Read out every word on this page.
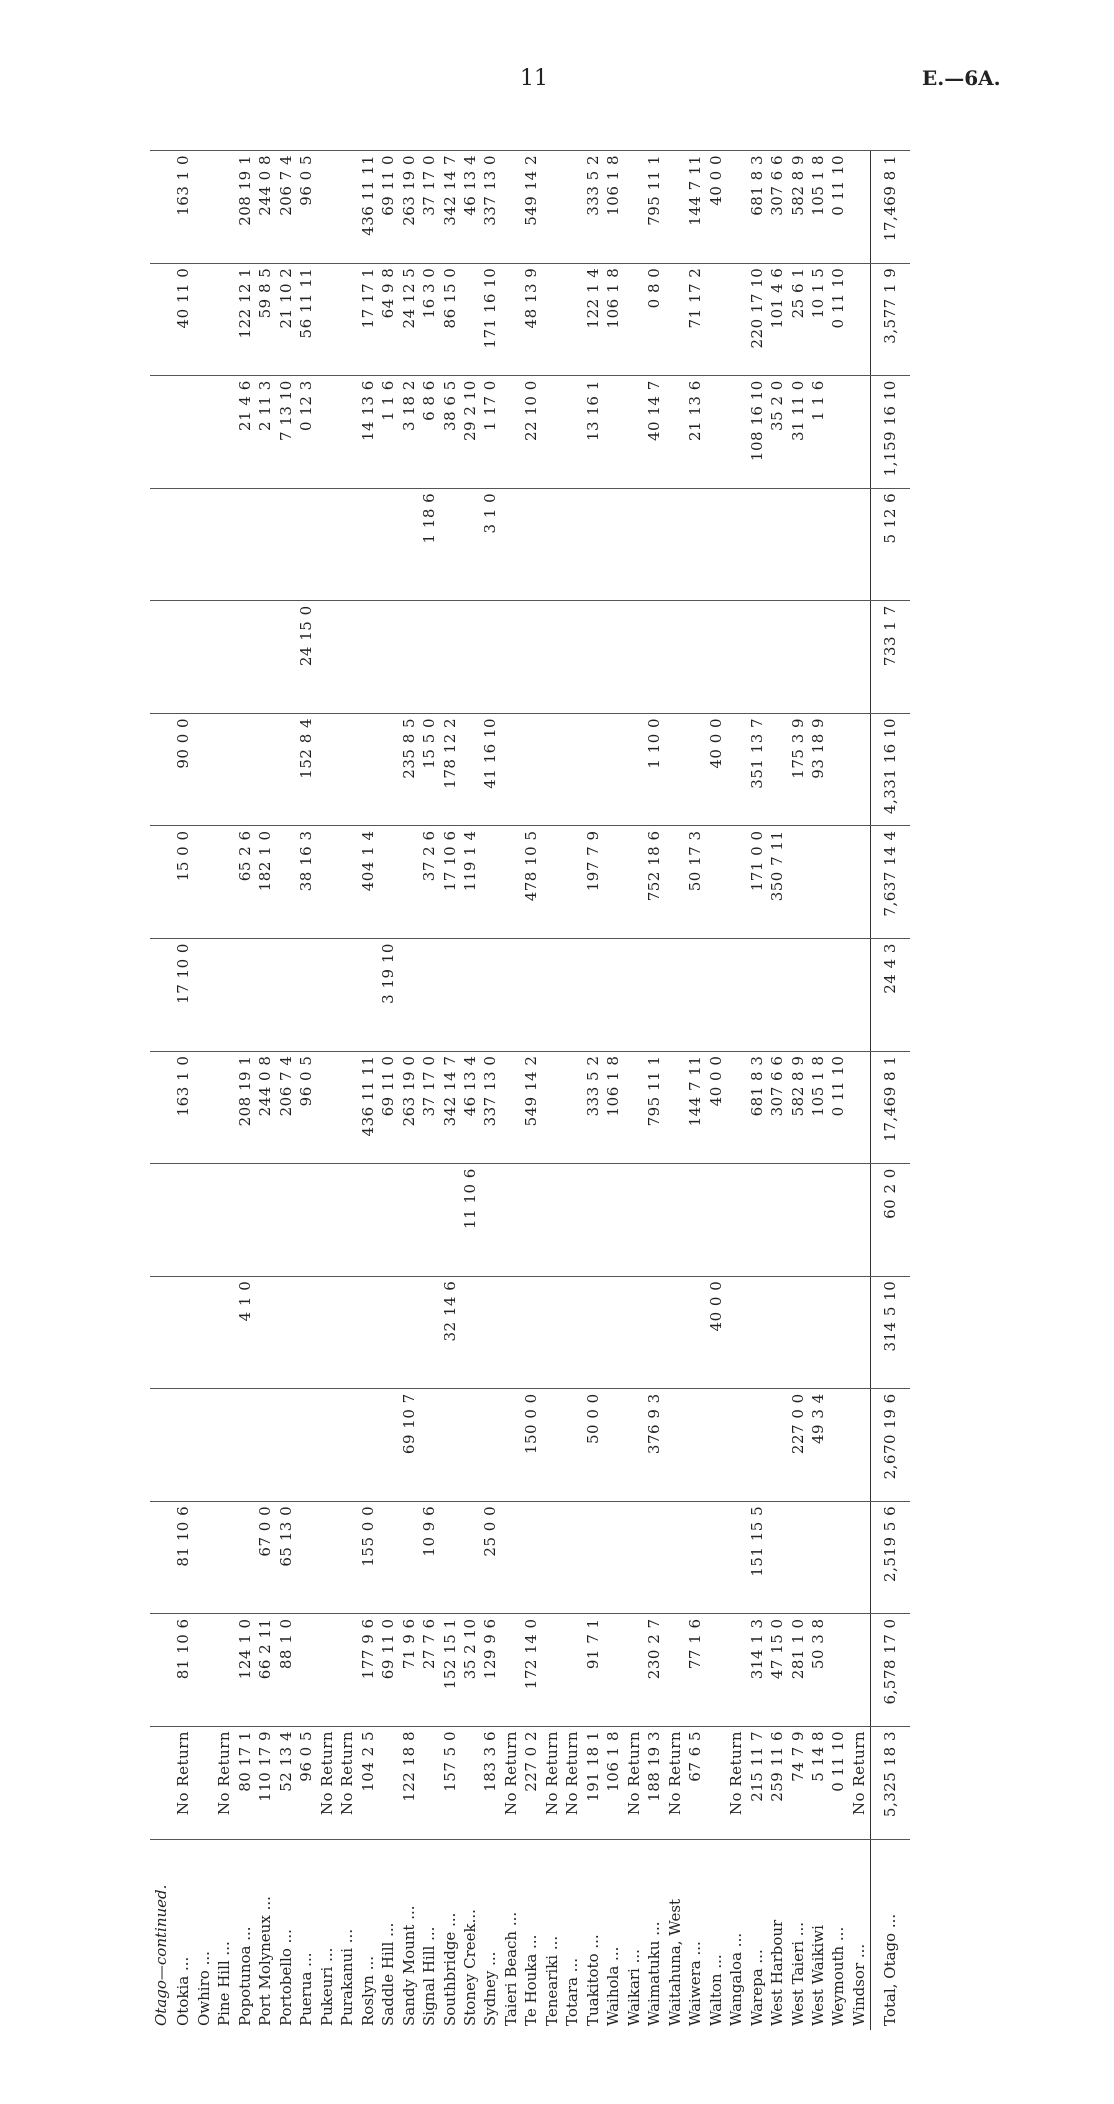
11	E.—6A.
Otago—continued.															
Otokia ...	No Return	81 10 6	81 10 6				163 1 0	17 10 0	15 0 0	90 0 0				40 11 0	163 1 0
Owhiro ...															
Pine Hill ...	No Return														
Popotunoa ...	80 17 1	124 1 0			4 1 0		208 19 1		65 2 6				21 4 6	122 12 1	208 19 1
Port Molyneux ...	110 17 9	66 2 11	67 0 0				244 0 8		182 1 0				2 11 3	59 8 5	244 0 8
Portobello ...	52 13 4	88 1 0	65 13 0				206 7 4						7 13 10	21 10 2	206 7 4
Puerua ...	96 0 5						96 0 5		38 16 3	152 8 4	24 15 0		0 12 3	56 11 11	96 0 5
Pukeuri ...	No Return														
Purakanui ...	No Return														
Roslyn ...	104 2 5	177 9 6	155 0 0				436 11 11		404 1 4				14 13 6	17 17 1	436 11 11
Saddle Hill ...		69 11 0					69 11 0	3 19 10					1 1 6	64 9 8	69 11 0
Sandy Mount ...	122 18 8	71 9 6		69 10 7			263 19 0			235 8 5			3 18 2	24 12 5	263 19 0
Signal Hill ...		27 7 6	10 9 6				37 17 0		37 2 6	15 5 0		1 18 6	6 8 6	16 3 0	37 17 0
Southbridge ...	157 5 0	152 15 1			32 14 6		342 14 7		17 10 6	178 12 2			38 6 5	86 15 0	342 14 7
Stoney Creek...		35 2 10				11 10 6	46 13 4		119 1 4				29 2 10		46 13 4
Sydney ...	183 3 6	129 9 6	25 0 0				337 13 0			41 16 10		3 1 0	1 17 0	171 16 10	337 13 0
Taieri Beach ...	No Return														
Te Houka ...	227 0 2	172 14 0		150 0 0			549 14 2		478 10 5				22 10 0	48 13 9	549 14 2
Teneariki ...	No Return														
Totara ...	No Return														
Tuakitoto ...	191 18 1	91 7 1		50 0 0			333 5 2		197 7 9				13 16 1	122 1 4	333 5 2
Waihola ...	106 1 8						106 1 8							106 1 8	106 1 8
Waikari ...	No Return														
Waimatuku ...	188 19 3	230 2 7		376 9 3			795 11 1		752 18 6	1 10 0			40 14 7	0 8 0	795 11 1
Waitahuna, West	No Return														
Waiwera ...	67 6 5	77 1 6					144 7 11		50 17 3				21 13 6	71 17 2	144 7 11
Walton ...					40 0 0		40 0 0			40 0 0					40 0 0
Wangaloa ...	No Return														
Warepa ...	215 11 7	314 1 3	151 15 5				681 8 3		171 0 0	351 13 7			108 16 10	220 17 10	681 8 3
West Harbour	259 11 6	47 15 0					307 6 6		350 7 11				35 2 0	101 4 6	307 6 6
West Taieri ...	74 7 9	281 1 0		227 0 0			582 8 9			175 3 9			31 11 0	25 6 1	582 8 9
West Waikiwi	5 14 8	50 3 8		49 3 4			105 1 8			93 18 9			1 1 6	10 1 5	105 1 8
Weymouth ...	0 11 10						0 11 10							0 11 10	0 11 10
Windsor ...	No Return														
Total, Otago ...	5,325 18 3	6,578 17 0	2,519 5 6	2,670 19 6	314 5 10	60 2 0	17,469 8 1	24 4 3	7,637 14 4	4,331 16 10	733 1 7	5 12 6	1,159 16 10	3,577 1 9	17,469 8 1
